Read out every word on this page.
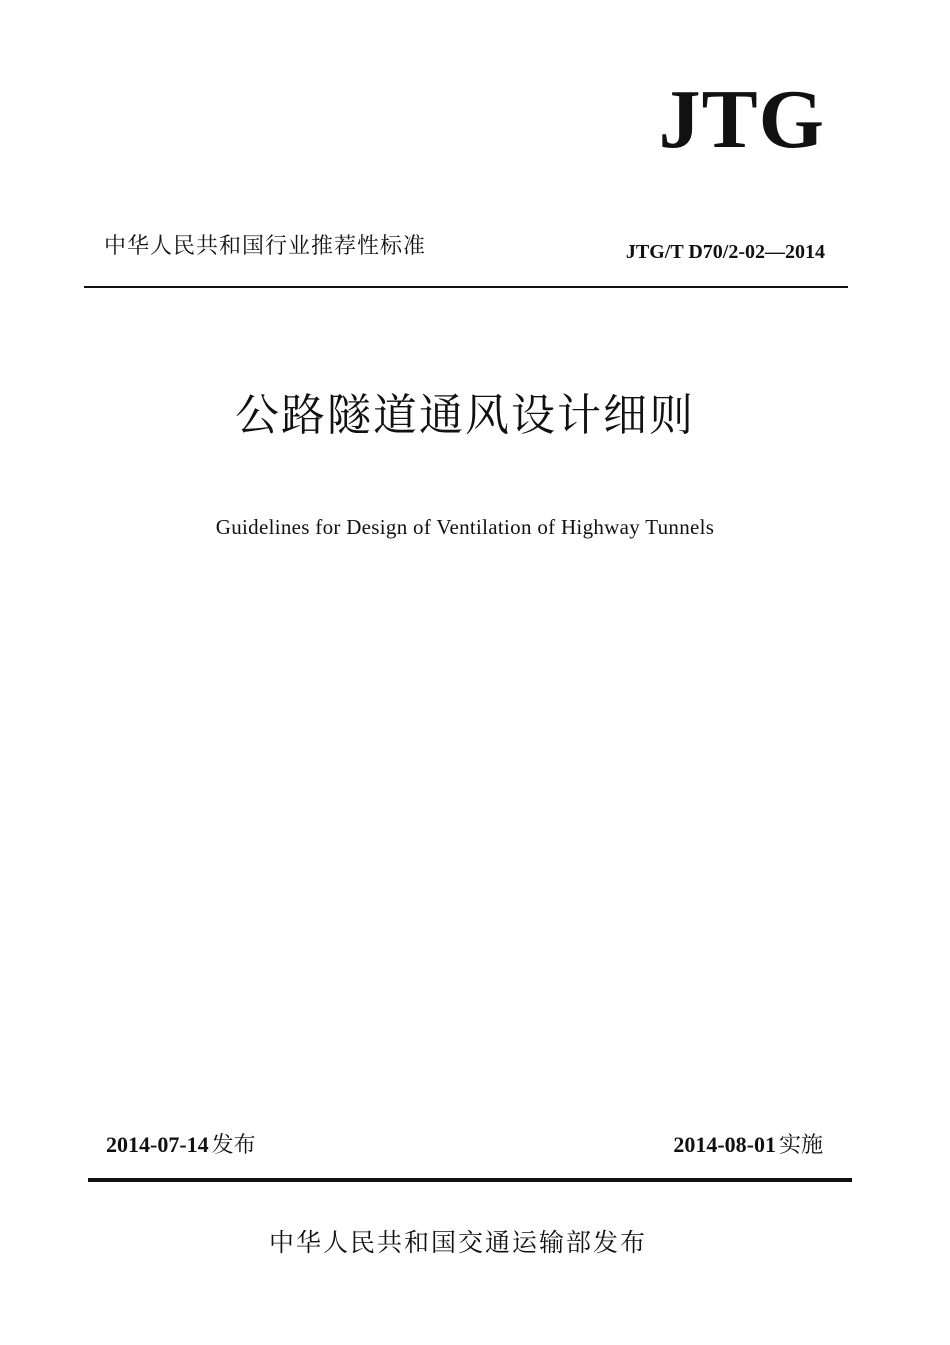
JTG
中华人民共和国行业推荐性标准	JTG/T D70/2-02—2014
公路隧道通风设计细则
Guidelines for Design of Ventilation of Highway Tunnels
2014-07-14 发布	2014-08-01 实施
中华人民共和国交通运输部发布
